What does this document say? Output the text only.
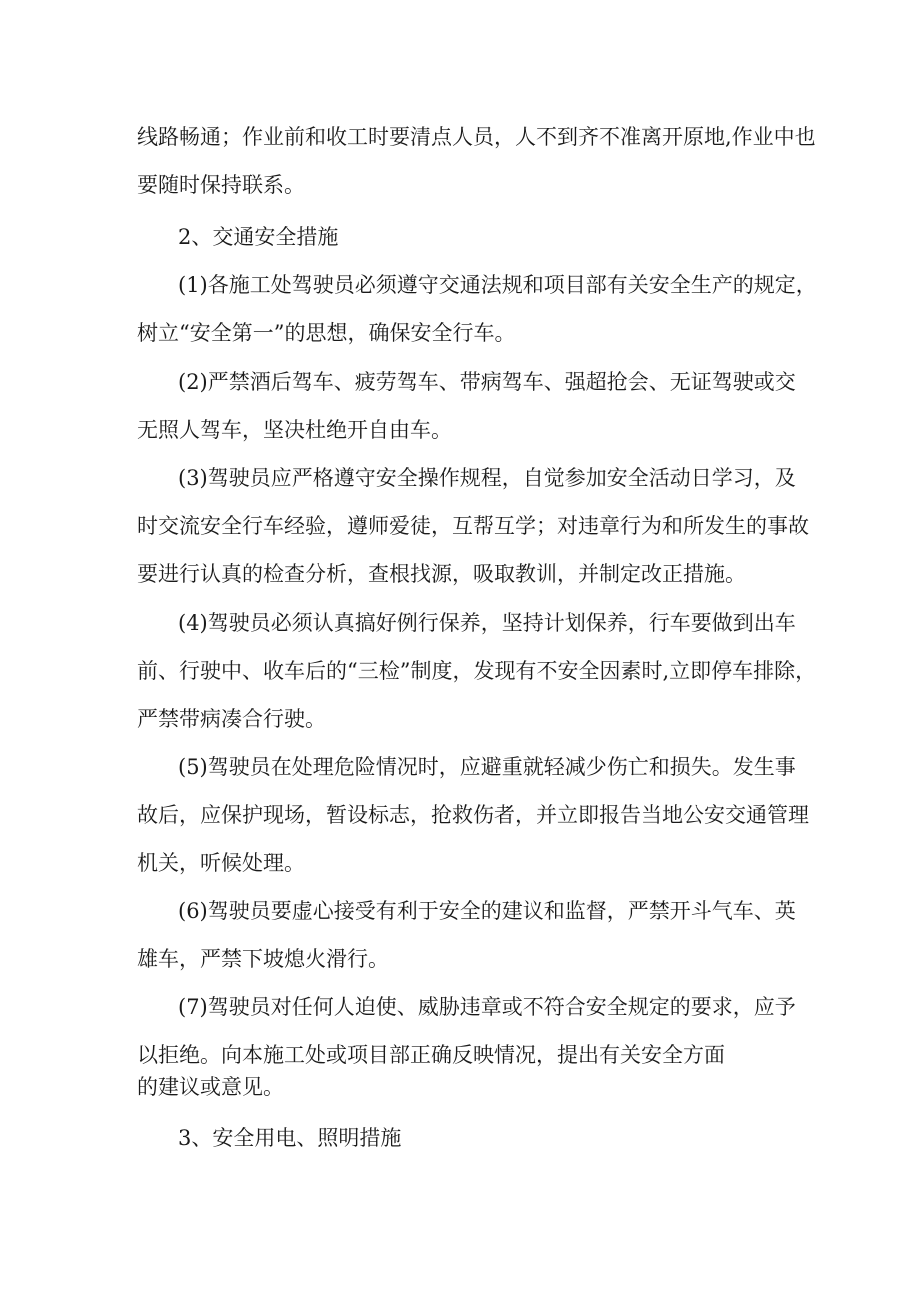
线路畅通；作业前和收工时要清点人员，人不到齐不准离开原地,作业中也
要随时保持联系。
2、交通安全措施
(1)各施工处驾驶员必须遵守交通法规和项目部有关安全生产的规定，
树立“安全第一”的思想，确保安全行车。
(2)严禁酒后驾车、疲劳驾车、带病驾车、强超抢会、无证驾驶或交
无照人驾车，坚决杜绝开自由车。
(3)驾驶员应严格遵守安全操作规程，自觉参加安全活动日学习，及
时交流安全行车经验，遵师爱徒，互帮互学；对违章行为和所发生的事故
要进行认真的检查分析，查根找源，吸取教训，并制定改正措施。
(4)驾驶员必须认真搞好例行保养，坚持计划保养，行车要做到出车
前、行驶中、收车后的“三检”制度，发现有不安全因素时,立即停车排除，
严禁带病凑合行驶。
(5)驾驶员在处理危险情况时，应避重就轻减少伤亡和损失。发生事
故后，应保护现场，暂设标志，抢救伤者，并立即报告当地公安交通管理
机关，听候处理。
(6)驾驶员要虚心接受有利于安全的建议和监督，严禁开斗气车、英
雄车，严禁下坡熄火滑行。
(7)驾驶员对任何人迫使、威胁违章或不符合安全规定的要求，应予
以拒绝。向本施工处或项目部正确反映情况，提出有关安全方面
的建议或意见。
3、安全用电、照明措施
